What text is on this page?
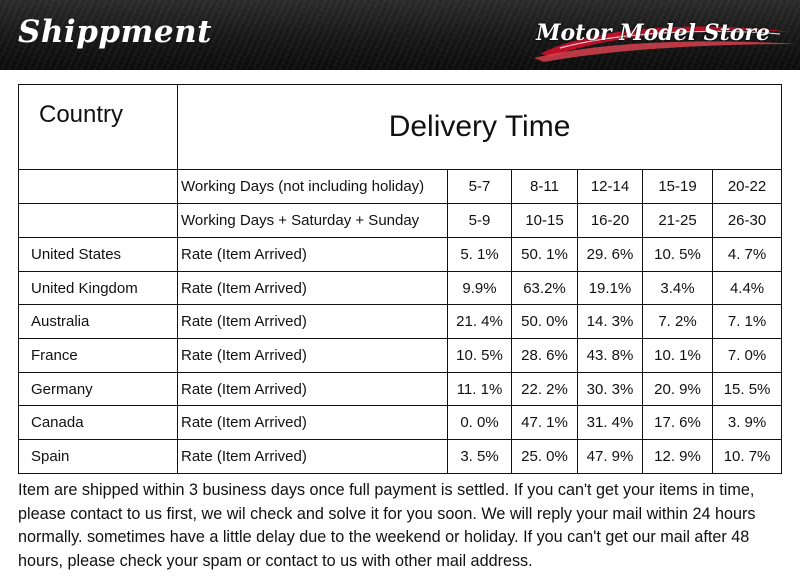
Shippment	Motor Model Store
Country	Delivery Time					
	Working Days (not including holiday)	5-7	8-11	12-14	15-19	20-22
	Working Days + Saturday + Sunday	5-9	10-15	16-20	21-25	26-30
United States	Rate (Item Arrived)	5. 1%	50. 1%	29. 6%	10. 5%	4. 7%
United Kingdom	Rate (Item Arrived)	9.9%	63.2%	19.1%	3.4%	4.4%
Australia	Rate (Item Arrived)	21. 4%	50. 0%	14. 3%	7. 2%	7. 1%
France	Rate (Item Arrived)	10. 5%	28. 6%	43. 8%	10. 1%	7. 0%
Germany	Rate (Item Arrived)	11. 1%	22. 2%	30. 3%	20. 9%	15. 5%
Canada	Rate (Item Arrived)	0. 0%	47. 1%	31. 4%	17. 6%	3. 9%
Spain	Rate (Item Arrived)	3. 5%	25. 0%	47. 9%	12. 9%	10. 7%
Item are shipped within 3 business days once full payment is settled. If you can't get your items in time, please contact to us first, we wil check and solve it for you soon. We will reply your mail within 24 hours normally. sometimes have a little delay due to the weekend or holiday. If you can't get our mail after 48 hours, please check your spam or contact to us with other mail address.
